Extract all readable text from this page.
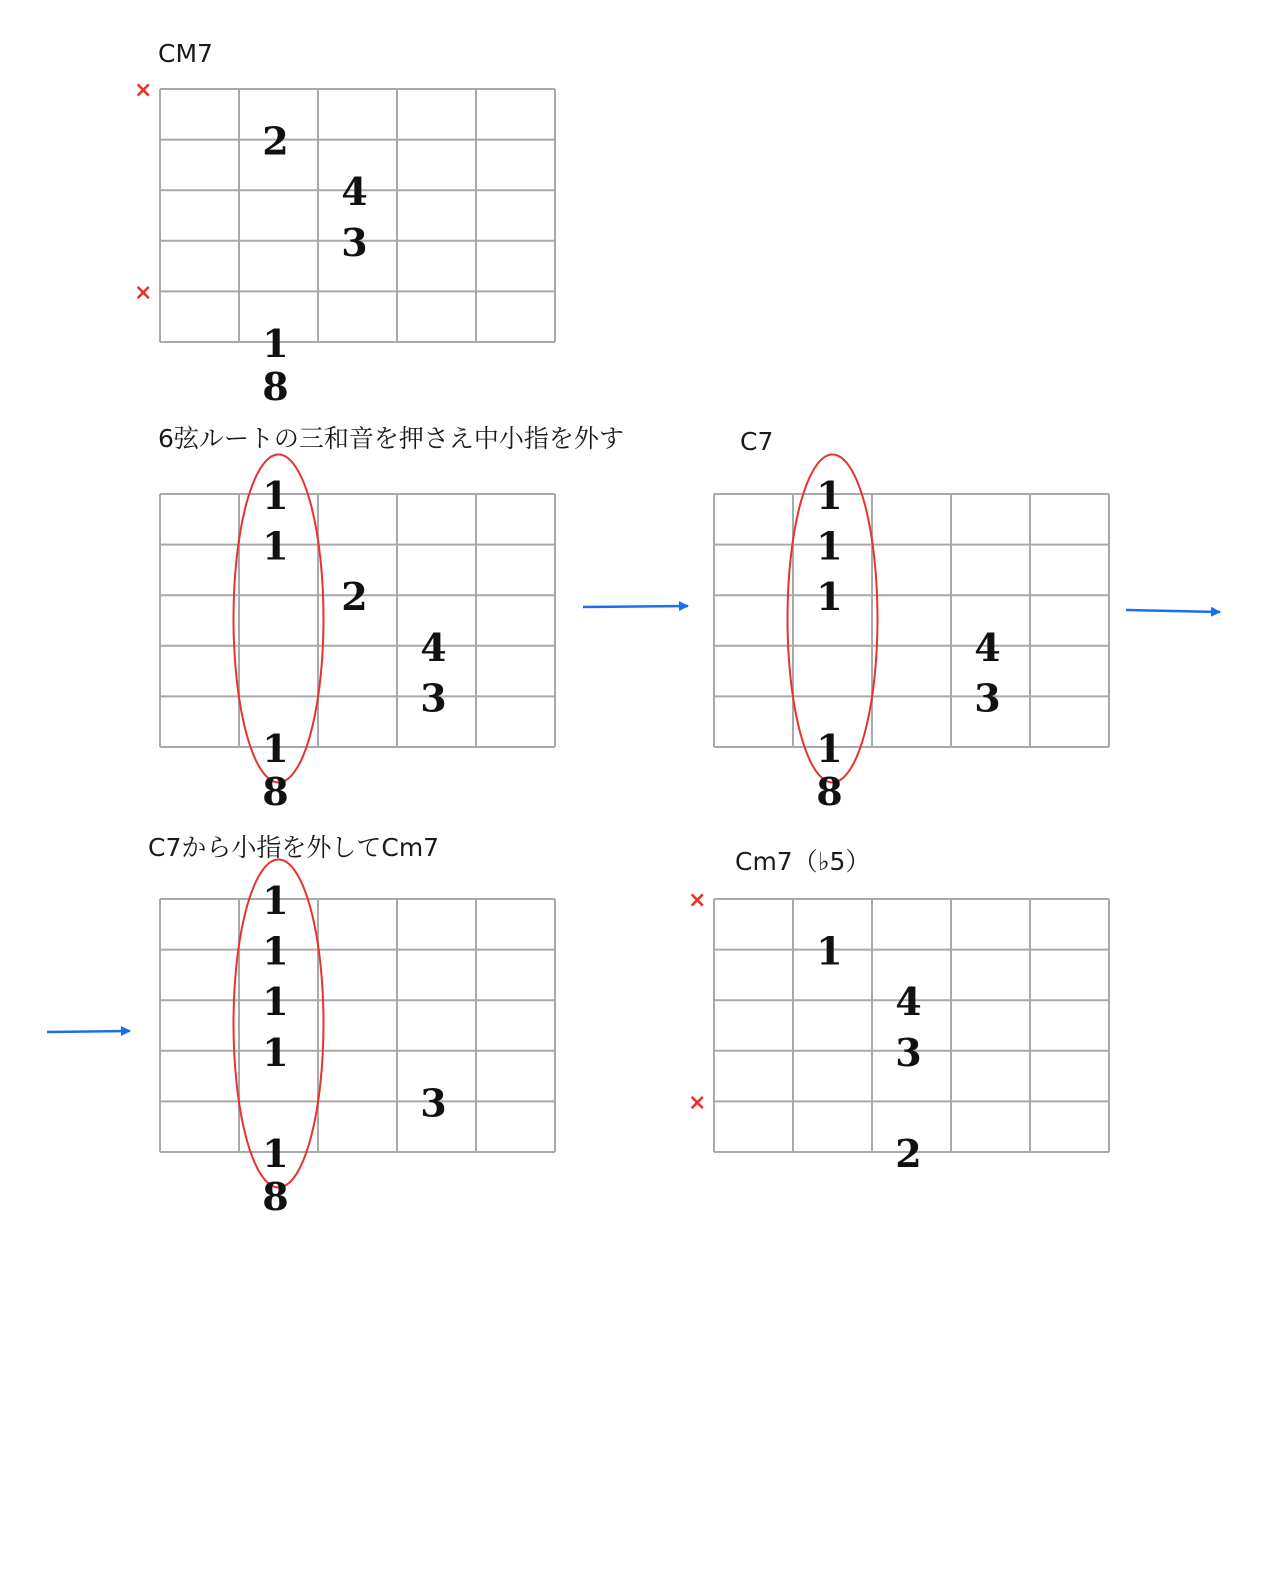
CM7
×
×
2
4
3
1
8
6弦ルートの三和音を押さえ中小指を外す
1
1
2
4
3
1
8
C7
1
1
1
4
3
1
8
C7から小指を外してCm7
1
1
1
1
3
1
8
Cm7（♭5）
×
×
1
4
3
2
